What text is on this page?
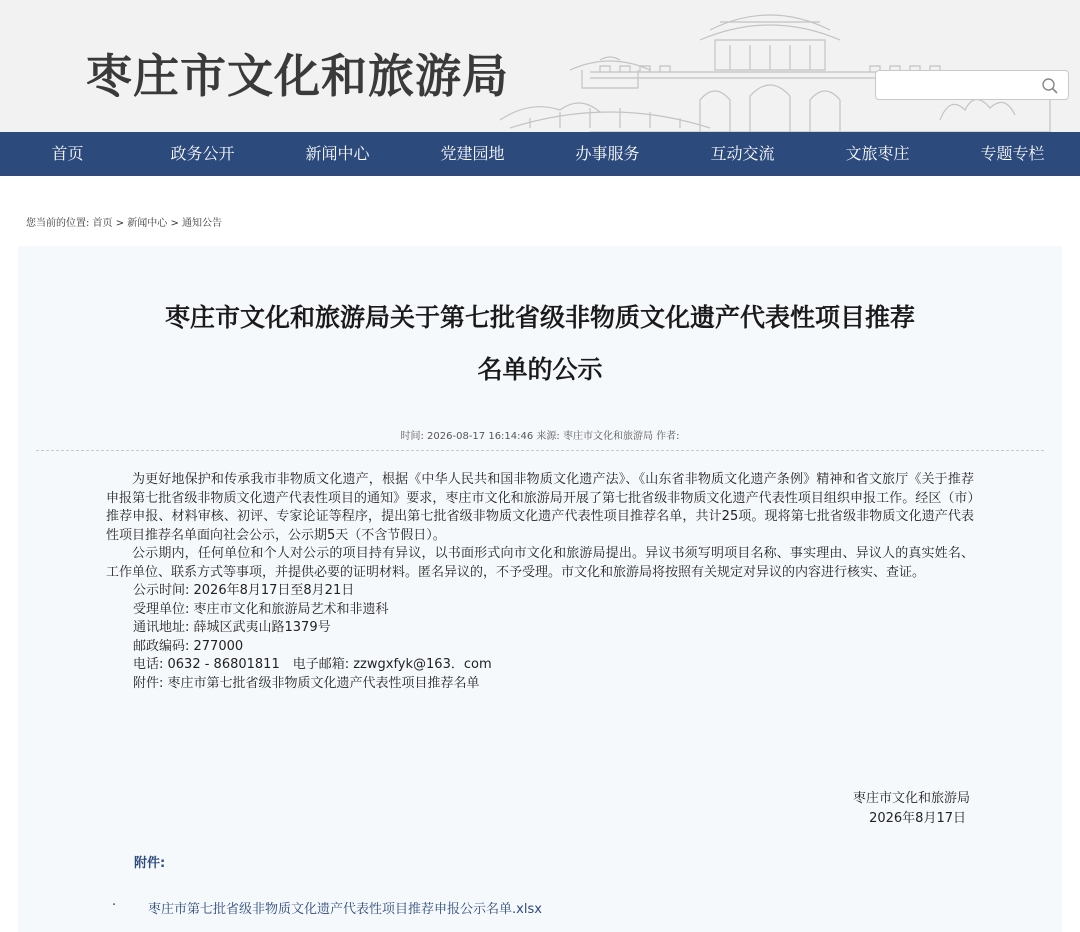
枣庄市文化和旅游局
首页	政务公开	新闻中心	党建园地	办事服务	互动交流	文旅枣庄	专题专栏
您当前的位置: 首页 > 新闻中心 > 通知公告
枣庄市文化和旅游局关于第七批省级非物质文化遗产代表性项目推荐
名单的公示
时间: 2026-08-17 16:14:46 来源: 枣庄市文化和旅游局 作者:

为更好地保护和传承我市非物质文化遗产，根据《中华人民共和国非物质文化遗产法》、《山东省非物质文化遗产条例》精神和省文旅厅《关于推荐申报第七批省级非物质文化遗产代表性项目的通知》要求，枣庄市文化和旅游局开展了第七批省级非物质文化遗产代表性项目组织申报工作。经区（市）推荐申报、材料审核、初评、专家论证等程序，提出第七批省级非物质文化遗产代表性项目推荐名单，共计25项。现将第七批省级非物质文化遗产代表性项目推荐名单面向社会公示，公示期5天（不含节假日）。

公示期内，任何单位和个人对公示的项目持有异议，以书面形式向市文化和旅游局提出。异议书须写明项目名称、事实理由、异议人的真实姓名、工作单位、联系方式等事项，并提供必要的证明材料。匿名异议的，不予受理。市文化和旅游局将按照有关规定对异议的内容进行核实、查证。

公示时间: 2026年8月17日至8月21日
受理单位: 枣庄市文化和旅游局艺术和非遗科
通讯地址: 薛城区武夷山路1379号
邮政编码: 277000
电话: 0632 - 86801811　电子邮箱: zzwgxfyk@163．com
附件: 枣庄市第七批省级非物质文化遗产代表性项目推荐名单
枣庄市文化和旅游局
2026年8月17日
附件:
· 枣庄市第七批省级非物质文化遗产代表性项目推荐申报公示名单.xlsx
